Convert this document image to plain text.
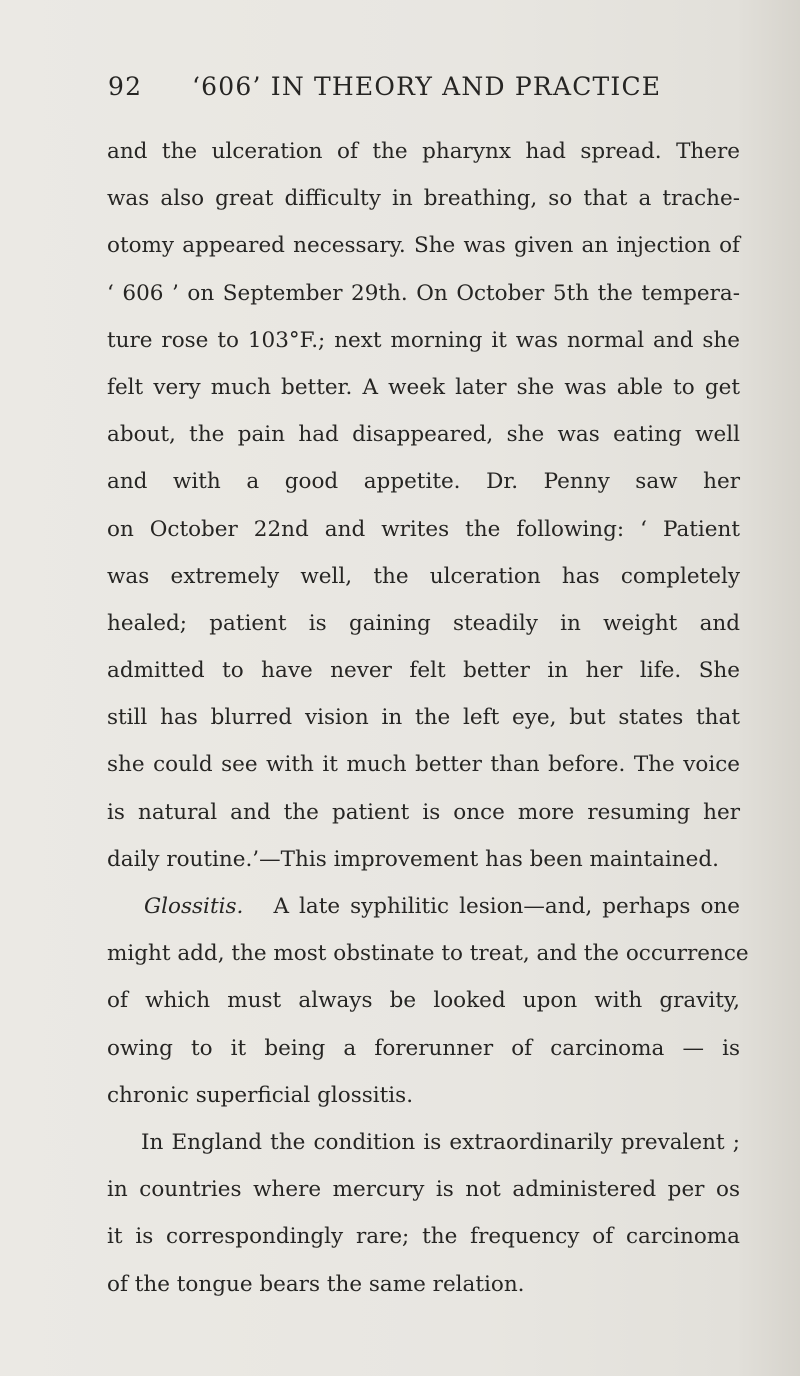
92 ‘606’ IN THEORY AND PRACTICE
and the ulceration of the pharynx had spread. There
was also great difficulty in breathing, so that a trache-
otomy appeared necessary. She was given an injection of
‘ 606 ’ on September 29th. On October 5th the tempera-
ture rose to 103°F.; next morning it was normal and she
felt very much better. A week later she was able to get
about, the pain had disappeared, she was eating well
and with a good appetite. Dr. Penny saw her
on October 22nd and writes the following: ‘ Patient
was extremely well, the ulceration has completely
healed; patient is gaining steadily in weight and
admitted to have never felt better in her life. She
still has blurred vision in the left eye, but states that
she could see with it much better than before. The voice
is natural and the patient is once more resuming her
daily routine.’—This improvement has been maintained.
Glossitis. A late syphilitic lesion—and, perhaps one
might add, the most obstinate to treat, and the occurrence
of which must always be looked upon with gravity,
owing to it being a forerunner of carcinoma — is
chronic superficial glossitis.
In England the condition is extraordinarily prevalent ;
in countries where mercury is not administered per os
it is correspondingly rare; the frequency of carcinoma
of the tongue bears the same relation.
